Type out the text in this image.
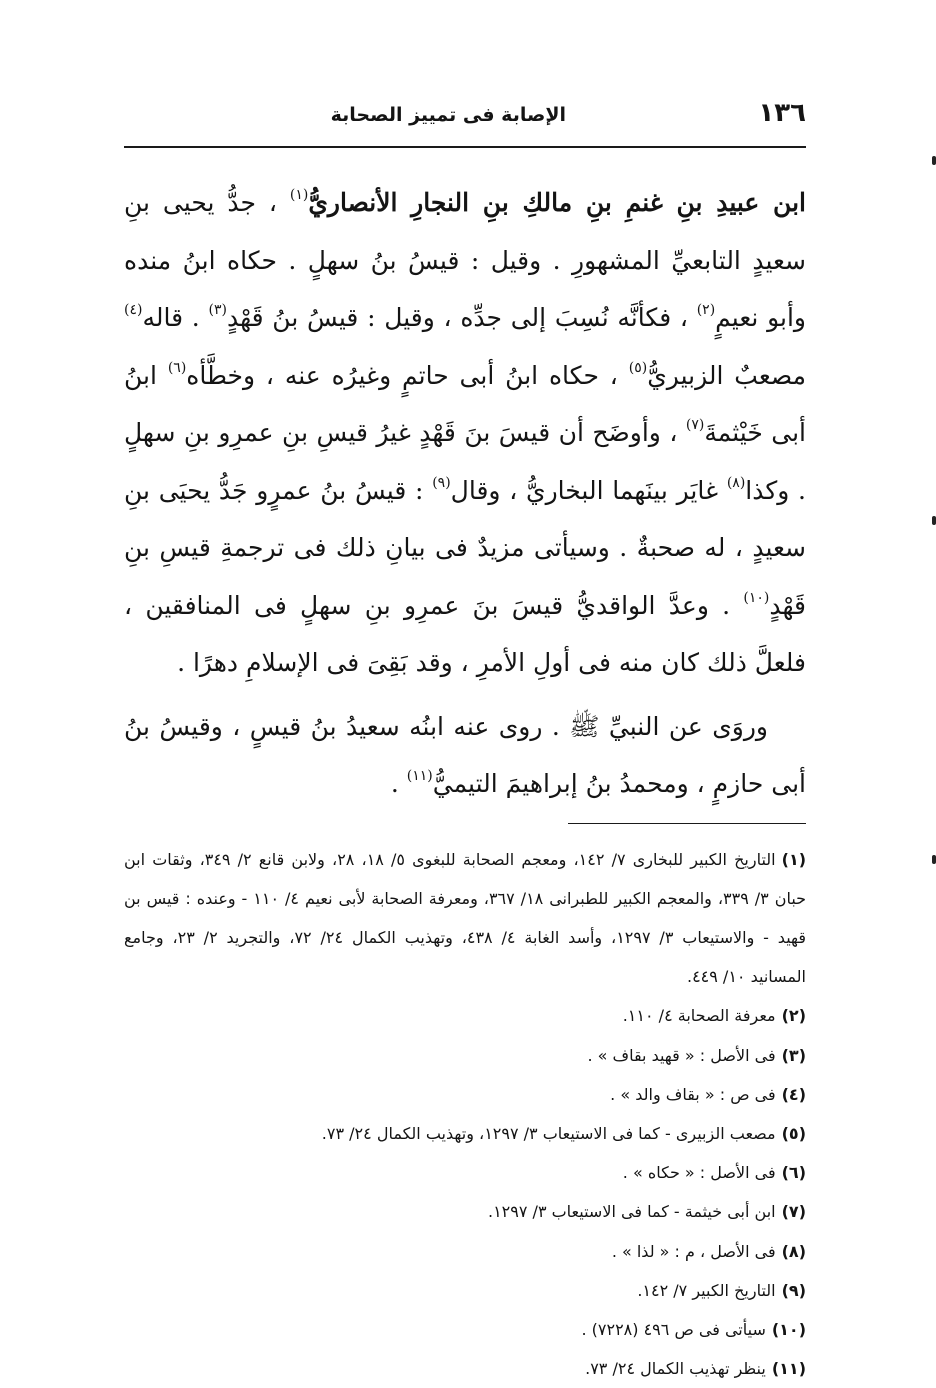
١٣٦
الإصابة فى تمييز الصحابة

ابن عبيدِ بنِ غنمِ بنِ مالكِ بنِ النجارِ الأنصاريُّ$^{(١)}$ ، جدُّ يحيى بنِ سعيدٍ التابعيِّ المشهورِ . وقيل : قيسُ بنُ سهلٍ . حكاه ابنُ منده وأبو نعيمٍ$^{(٢)}$ ، فكأنَّه نُسِبَ إلى جدِّه ، وقيل : قيسُ بنُ قَهْدٍ$^{(٣)}$ . قاله$^{(٤)}$ مصعبٌ الزبيريُّ$^{(٥)}$ ، حكاه ابنُ أبى حاتمٍ وغيرُه عنه ، وخطَّأه$^{(٦)}$ ابنُ أبى خَيْثمةَ$^{(٧)}$ ، وأوضَح أن قيسَ بنَ قَهْدٍ غيرُ قيسِ بنِ عمرِو بنِ سهلٍ . وكذا$^{(٨)}$ غايَر بينَهما البخاريُّ ، وقال$^{(٩)}$ : قيسُ بنُ عمرٍو جَدُّ يحيَى بنِ سعيدٍ ، له صحبةٌ . وسيأتى مزيدٌ فى بيانِ ذلك فى ترجمةِ قيسِ بنِ قَهْدٍ$^{(١٠)}$ . وعدَّ الواقديُّ قيسَ بنَ عمرِو بنِ سهلٍ فى المنافقين ، فلعلَّ ذلك كان منه فى أولِ الأمرِ ، وقد بَقِىَ فى الإسلامِ دهرًا .

وروَى عن النبيِّ ﷺ . روى عنه ابنُه سعيدُ بنُ قيسٍ ، وقيسُ بنُ أبى حازمٍ ، ومحمدُ بنُ إبراهيمَ التيميُّ$^{(١١)}$ .

(١)التاريخ الكبير للبخارى ٧/ ١٤٢، ومعجم الصحابة للبغوى ٥/ ١٨، ٢٨، ولابن قانع ٢/ ٣٤٩، وثقات ابن حبان ٣/ ٣٣٩، والمعجم الكبير للطبرانى ١٨/ ٣٦٧، ومعرفة الصحابة لأبى نعيم ٤/ ١١٠ - وعنده : قيس بن قهيد - والاستيعاب ٣/ ١٢٩٧، وأسد الغابة ٤/ ٤٣٨، وتهذيب الكمال ٢٤/ ٧٢، والتجريد ٢/ ٢٣، وجامع المسانيد ١٠/ ٤٤٩.
(٢)معرفة الصحابة ٤/ ١١٠.
(٣)فى الأصل : « قهيد بقاف » .
(٤)فى ص : « بقاف والد » .
(٥)مصعب الزبيرى - كما فى الاستيعاب ٣/ ١٢٩٧، وتهذيب الكمال ٢٤/ ٧٣.
(٦)فى الأصل : « حكاه » .
(٧)ابن أبى خيثمة - كما فى الاستيعاب ٣/ ١٢٩٧.
(٨)فى الأصل ، م : « لذا » .
(٩)التاريخ الكبير ٧/ ١٤٢.
(١٠)سيأتى فى ص ٤٩٦ (٧٢٢٨) .
(١١)ينظر تهذيب الكمال ٢٤/ ٧٣.
